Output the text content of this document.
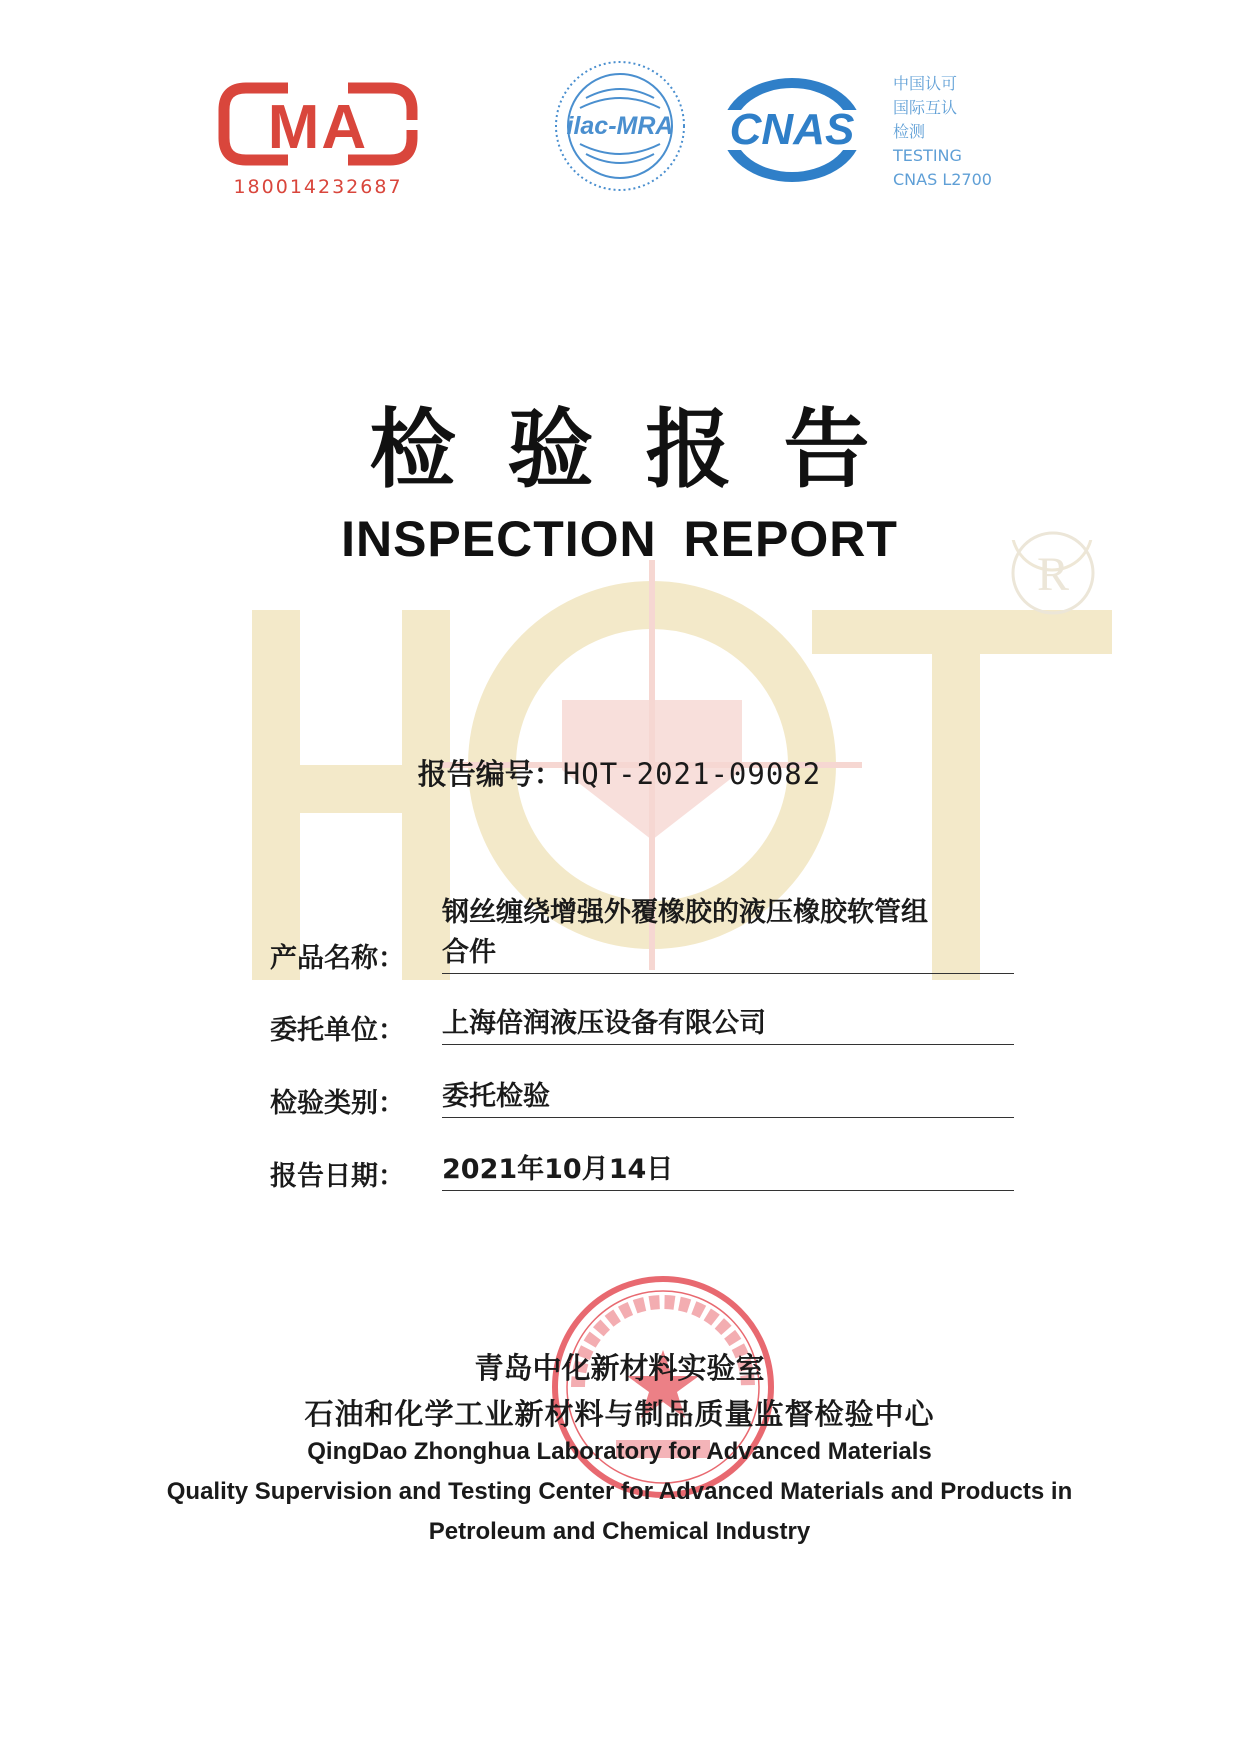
R
MA
180014232687
ilac-MRA CNAS
中国认可
国际互认
检测
TESTING
CNAS L2700
检验报告
INSPECTION REPORT
报告编号：HQT-2021-09082
产品名称：
钢丝缠绕增强外覆橡胶的液压橡胶软管组
合件
委托单位：	上海倍润液压设备有限公司
检验类别：	委托检验
报告日期：	2021年10月14日
青岛中化新材料实验室
石油和化学工业新材料与制品质量监督检验中心
QingDao Zhonghua Laboratory for Advanced Materials
Quality Supervision and Testing Center for Advanced Materials and Products in
Petroleum and Chemical Industry
